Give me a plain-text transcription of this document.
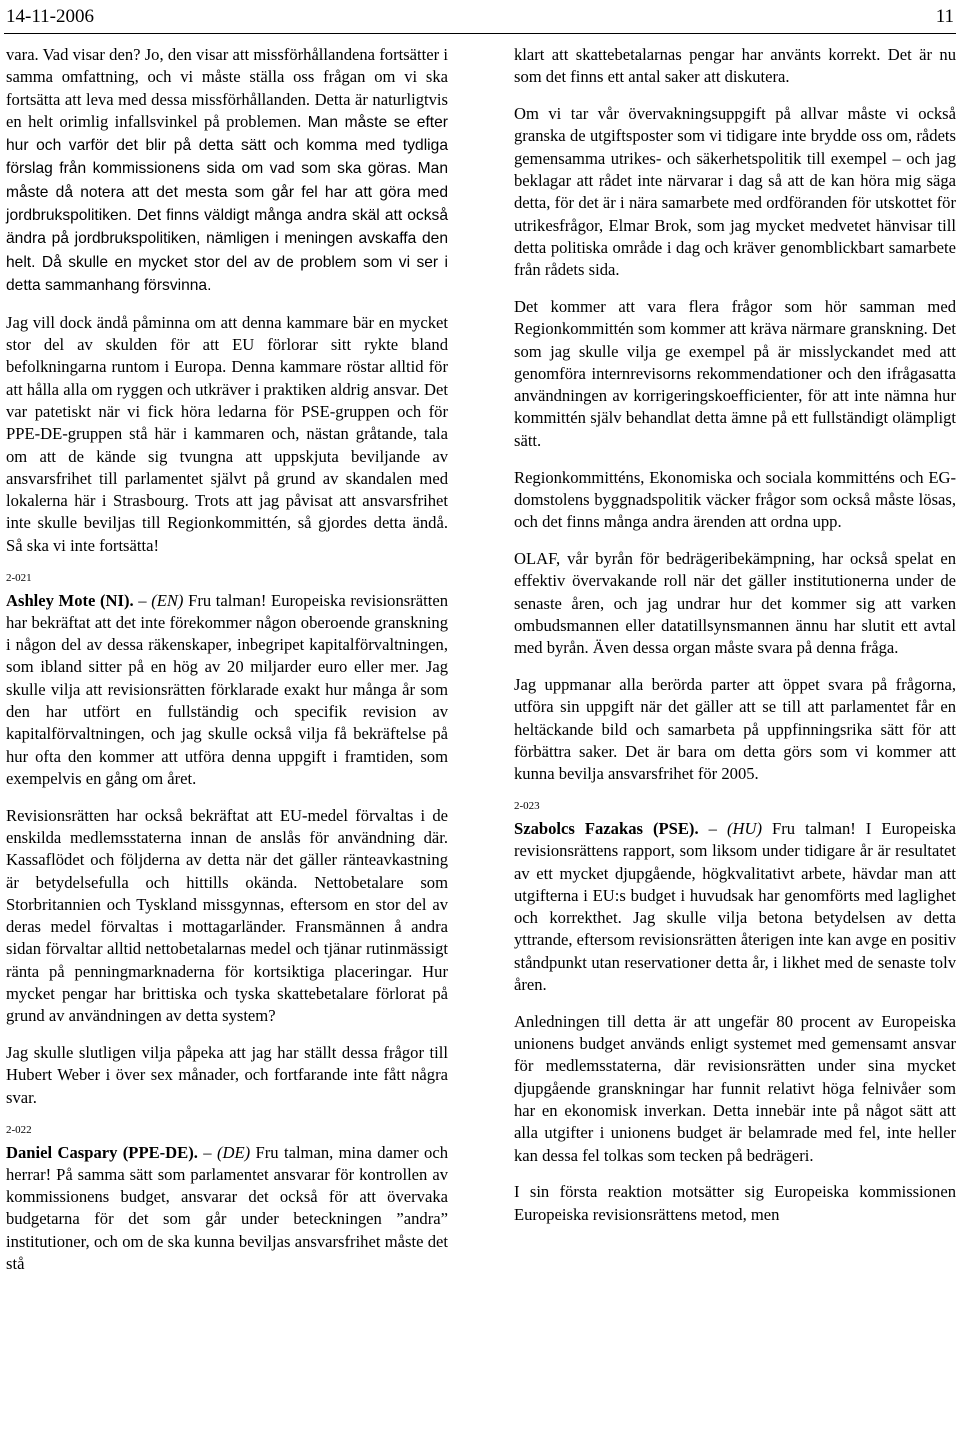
14-11-2006	11

vara. Vad visar den? Jo, den visar att missförhållandena fortsätter i samma omfattning, och vi måste ställa oss frågan om vi ska fortsätta att leva med dessa missförhållanden. Detta är naturligtvis en helt orimlig infallsvinkel på problemen. Man måste se efter hur och varför det blir på detta sätt och komma med tydliga förslag från kommissionens sida om vad som ska göras. Man måste då notera att det mesta som går fel har att göra med jordbrukspolitiken. Det finns väldigt många andra skäl att också ändra på jordbrukspolitiken, nämligen i meningen avskaffa den helt. Då skulle en mycket stor del av de problem som vi ser i detta sammanhang försvinna.

Jag vill dock ändå påminna om att denna kammare bär en mycket stor del av skulden för att EU förlorar sitt rykte bland befolkningarna runtom i Europa. Denna kammare röstar alltid för att hålla alla om ryggen och utkräver i praktiken aldrig ansvar. Det var patetiskt när vi fick höra ledarna för PSE-gruppen och för PPE-DE-gruppen stå här i kammaren och, nästan gråtande, tala om att de kände sig tvungna att uppskjuta beviljande av ansvarsfrihet till parlamentet självt på grund av skandalen med lokalerna här i Strasbourg. Trots att jag påvisat att ansvarsfrihet inte skulle beviljas till Regionkommittén, så gjordes detta ändå. Så ska vi inte fortsätta!

2-021

Ashley Mote (NI). – (EN) Fru talman! Europeiska revisionsrätten har bekräftat att det inte förekommer någon oberoende granskning i någon del av dessa räkenskaper, inbegripet kapitalförvaltningen, som ibland sitter på en hög av 20 miljarder euro eller mer. Jag skulle vilja att revisionsrätten förklarade exakt hur många år som den har utfört en fullständig och specifik revision av kapitalförvaltningen, och jag skulle också vilja få bekräftelse på hur ofta den kommer att utföra denna uppgift i framtiden, som exempelvis en gång om året.

Revisionsrätten har också bekräftat att EU-medel förvaltas i de enskilda medlemsstaterna innan de anslås för användning där. Kassaflödet och följderna av detta när det gäller ränteavkastning är betydelsefulla och hittills okända. Nettobetalare som Storbritannien och Tyskland missgynnas, eftersom en stor del av deras medel förvaltas i mottagarländer. Fransmännen å andra sidan förvaltar alltid nettobetalarnas medel och tjänar rutinmässigt ränta på penningmarknaderna för kortsiktiga placeringar. Hur mycket pengar har brittiska och tyska skattebetalare förlorat på grund av användningen av detta system?

Jag skulle slutligen vilja påpeka att jag har ställt dessa frågor till Hubert Weber i över sex månader, och fortfarande inte fått några svar.

2-022

Daniel Caspary (PPE-DE). – (DE) Fru talman, mina damer och herrar! På samma sätt som parlamentet ansvarar för kontrollen av kommissionens budget, ansvarar det också för att övervaka budgetarna för det som går under beteckningen ”andra” institutioner, och om de ska kunna beviljas ansvarsfrihet måste det stå

klart att skattebetalarnas pengar har använts korrekt. Det är nu som det finns ett antal saker att diskutera.

Om vi tar vår övervakningsuppgift på allvar måste vi också granska de utgiftsposter som vi tidigare inte brydde oss om, rådets gemensamma utrikes- och säkerhetspolitik till exempel – och jag beklagar att rådet inte närvarar i dag så att de kan höra mig säga detta, för det är i nära samarbete med ordföranden för utskottet för utrikesfrågor, Elmar Brok, som jag mycket medvetet hänvisar till detta politiska område i dag och kräver genomblickbart samarbete från rådets sida.

Det kommer att vara flera frågor som hör samman med Regionkommittén som kommer att kräva närmare granskning. Det som jag skulle vilja ge exempel på är misslyckandet med att genomföra internrevisorns rekommendationer och den ifrågasatta användningen av korrigeringskoefficienter, för att inte nämna hur kommittén själv behandlat detta ämne på ett fullständigt olämpligt sätt.

Regionkommitténs, Ekonomiska och sociala kommitténs och EG-domstolens byggnadspolitik väcker frågor som också måste lösas, och det finns många andra ärenden att ordna upp.

OLAF, vår byrån för bedrägeribekämpning, har också spelat en effektiv övervakande roll när det gäller institutionerna under de senaste åren, och jag undrar hur det kommer sig att varken ombudsmannen eller datatillsynsmannen ännu har slutit ett avtal med byrån. Även dessa organ måste svara på denna fråga.

Jag uppmanar alla berörda parter att öppet svara på frågorna, utföra sin uppgift när det gäller att se till att parlamentet får en heltäckande bild och samarbeta på uppfinningsrika sätt för att förbättra saker. Det är bara om detta görs som vi kommer att kunna bevilja ansvarsfrihet för 2005.

2-023

Szabolcs Fazakas (PSE). – (HU) Fru talman! I Europeiska revisionsrättens rapport, som liksom under tidigare år är resultatet av ett mycket djupgående, högkvalitativt arbete, hävdar man att utgifterna i EU:s budget i huvudsak har genomförts med laglighet och korrekthet. Jag skulle vilja betona betydelsen av detta yttrande, eftersom revisionsrätten återigen inte kan avge en positiv ståndpunkt utan reservationer detta år, i likhet med de senaste tolv åren.

Anledningen till detta är att ungefär 80 procent av Europeiska unionens budget används enligt systemet med gemensamt ansvar för medlemsstaterna, där revisionsrätten under sina mycket djupgående granskningar har funnit relativt höga felnivåer som har en ekonomisk inverkan. Detta innebär inte på något sätt att alla utgifter i unionens budget är belamrade med fel, inte heller kan dessa fel tolkas som tecken på bedrägeri.

I sin första reaktion motsätter sig Europeiska kommissionen Europeiska revisionsrättens metod, men
